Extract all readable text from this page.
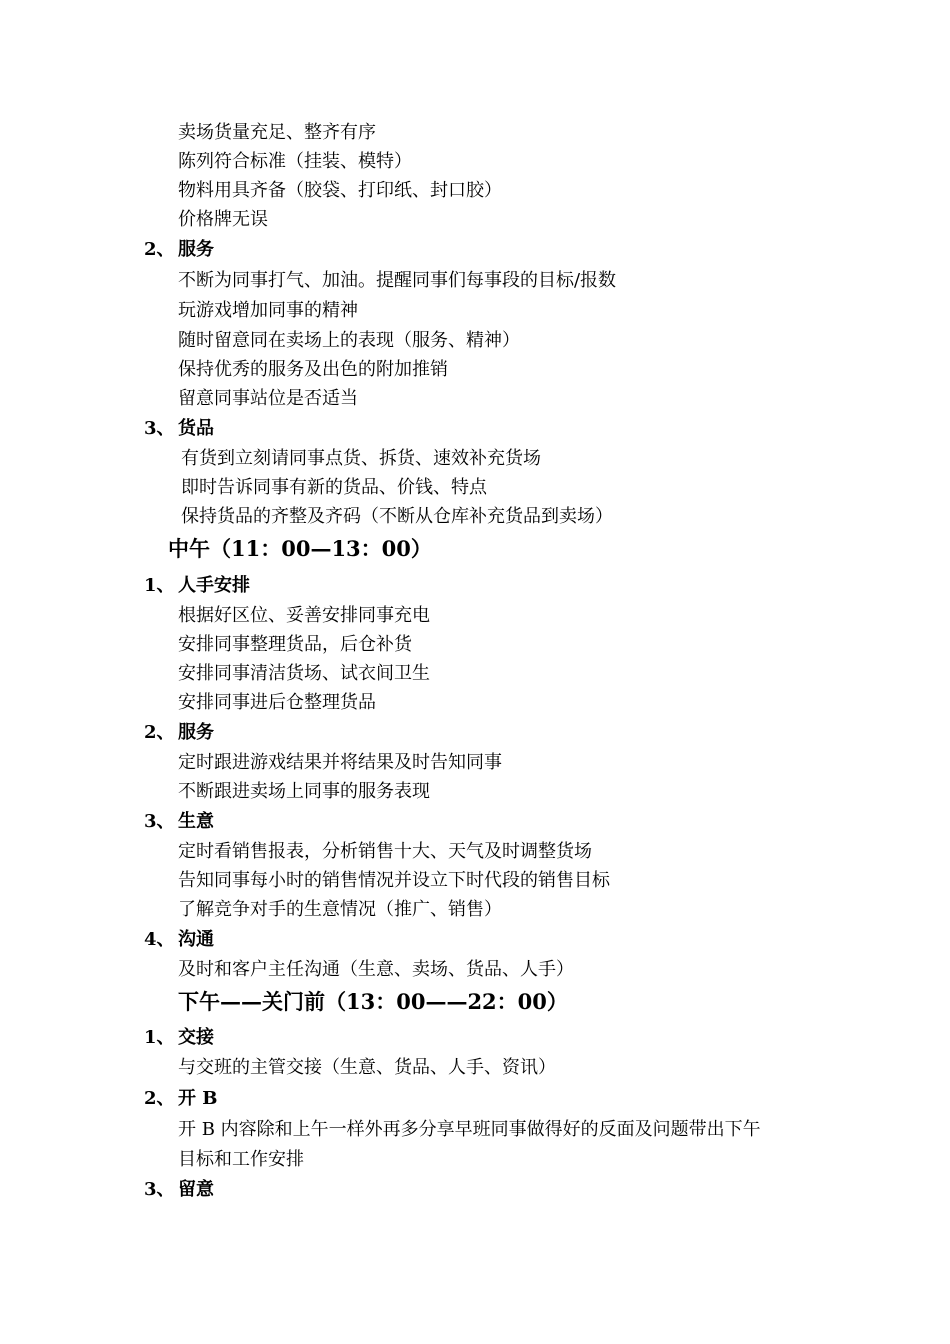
卖场货量充足、整齐有序
陈列符合标准（挂装、模特）
物料用具齐备（胶袋、打印纸、封口胶）
价格牌无误
2、 服务
不断为同事打气、加油。提醒同事们每事段的目标/报数
玩游戏增加同事的精神
随时留意同在卖场上的表现（服务、精神）
保持优秀的服务及出色的附加推销
留意同事站位是否适当
3、 货品
有货到立刻请同事点货、拆货、速效补充货场
即时告诉同事有新的货品、价钱、特点
保持货品的齐整及齐码（不断从仓库补充货品到卖场）
中午（11：00—13：00）
1、 人手安排
根据好区位、妥善安排同事充电
安排同事整理货品，后仓补货
安排同事清洁货场、试衣间卫生
安排同事进后仓整理货品
2、 服务
定时跟进游戏结果并将结果及时告知同事
不断跟进卖场上同事的服务表现
3、 生意
定时看销售报表，分析销售十大、天气及时调整货场
告知同事每小时的销售情况并设立下时代段的销售目标
了解竞争对手的生意情况（推广、销售）
4、 沟通
及时和客户主任沟通（生意、卖场、货品、人手）
下午——关门前（13：00——22：00）
1、 交接
与交班的主管交接（生意、货品、人手、资讯）
2、 开 B
开 B 内容除和上午一样外再多分享早班同事做得好的反面及问题带出下午
目标和工作安排
3、 留意
